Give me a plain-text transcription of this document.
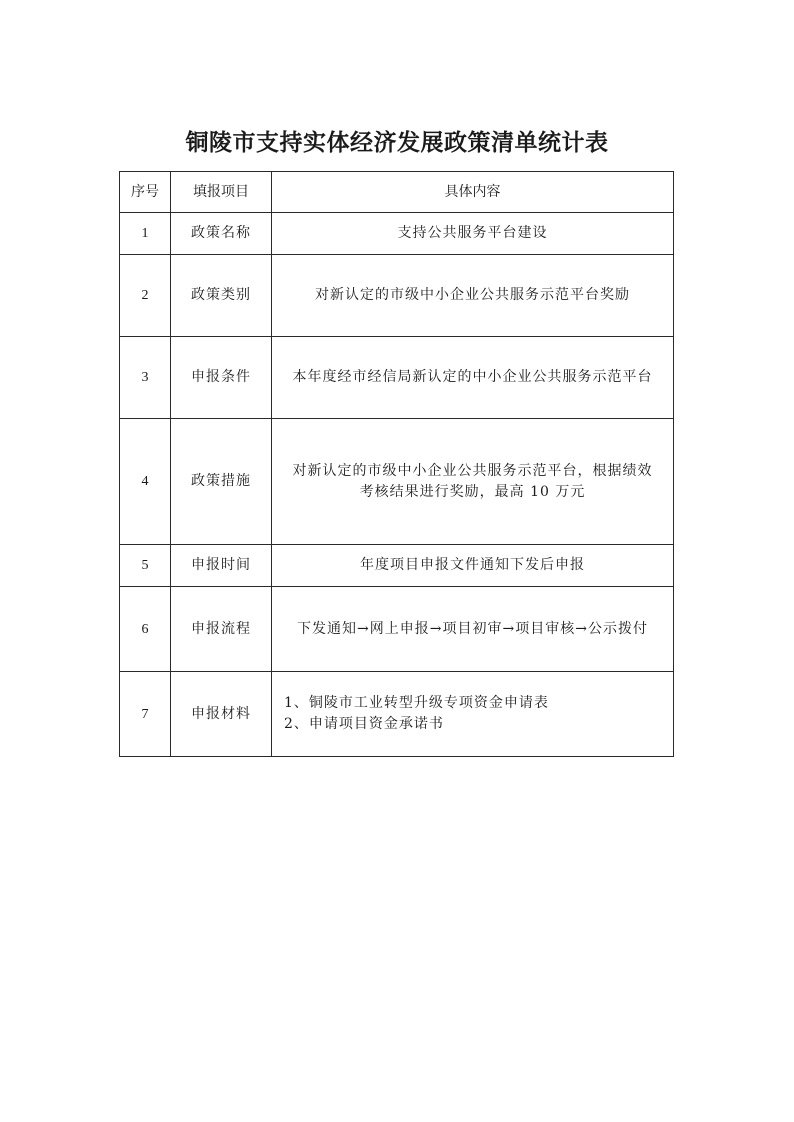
铜陵市支持实体经济发展政策清单统计表
序号	填报项目	具体内容
1	政策名称	支持公共服务平台建设

2	政策类别	对新认定的市级中小企业公共服务示范平台奖励

3	申报条件	本年度经市经信局新认定的中小企业公共服务示范平台

4	政策措施	对新认定的市级中小企业公共服务示范平台，根据绩效
考核结果进行奖励，最高 10 万元

5	申报时间	年度项目申报文件通知下发后申报

6	申报流程	下发通知→网上申报→项目初审→项目审核→公示拨付

7	申报材料	1、铜陵市工业转型升级专项资金申请表
2、申请项目资金承诺书
